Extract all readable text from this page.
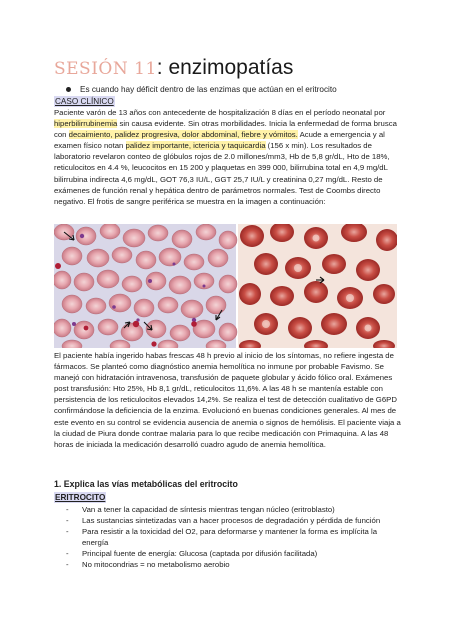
SESIÓN 11: enzimopatías
Es cuando hay déficit dentro de las enzimas que actúan en el eritrocito
CASO CLÍNICO

Paciente varón de 13 años con antecedente de hospitalización 8 días en el período neonatal por hiperbilirrubinemia sin causa evidente. Sin otras morbilidades. Inicia la enfermedad de forma brusca con decaimiento, palidez progresiva, dolor abdominal, fiebre y vómitos. Acude a emergencia y al examen físico notan palidez importante, ictericia y taquicardia (156 x min). Los resultados de laboratorio revelaron conteo de glóbulos rojos de 2.0 millones/mm3, Hb de 5,8 gr/dL, Hto de 18%, reticulocitos en 4.4 %, leucocitos en 15 200 y plaquetas en 399 000, bilirrubina total en 4,9 mg/dL bilirrubina indirecta 4,6 mg/dL, GOT 76,3 IU/L, GGT 25,7 IU/L y creatinina 0,27 mg/dL. Resto de exámenes de función renal y hepática dentro de parámetros normales. Test de Coombs directo negativo. El frotis de sangre periférica se muestra en la imagen a continuación:

El paciente había ingerido habas frescas 48 h previo al inicio de los síntomas, no refiere ingesta de fármacos. Se planteó como diagnóstico anemia hemolítica no inmune por probable Favismo. Se manejó con hidratación intravenosa, transfusión de paquete globular y ácido fólico oral. Exámenes post transfusión: Hto 25%, Hb 8,1 gr/dL, reticulocitos 11,6%. A las 48 h se mantenía estable con persistencia de los reticulocitos elevados 14,2%. Se realiza el test de detección cualitativo de G6PD confirmándose la deficiencia de la enzima. Evolucionó en buenas condiciones generales. Al mes de este evento en su control se evidencia ausencia de anemia o signos de hemólisis. El paciente viaja a la ciudad de Piura donde contrae malaria para lo que recibe medicación con Primaquina. A las 48 horas de iniciada la medicación desarrolló cuadro agudo de anemia hemolítica.
1. Explica las vías metabólicas del eritrocito
ERITROCITO
- Van a tener la capacidad de síntesis mientras tengan núcleo (eritroblasto)
- Las sustancias sintetizadas van a hacer procesos de degradación y pérdida de función
- Para resistir a la toxicidad del O2, para deformarse y mantener la forma es implícita la energía
- Principal fuente de energía: Glucosa (captada por difusión facilitada)
- No mitocondrias = no metabolismo aerobio
